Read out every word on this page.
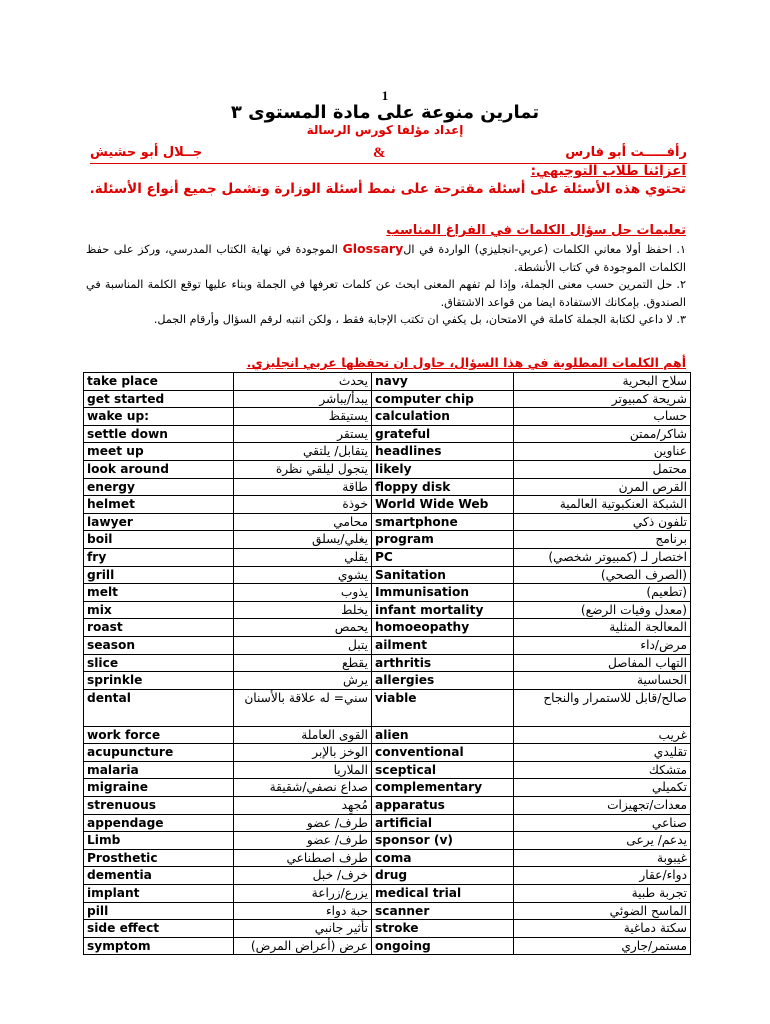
1
تمارين منوعة على مادة المستوى ٣
إعداد مؤلفا كورس الرسالة
رأفـــــت أبو فارس
&
جــلال أبو حشيش
اعزائنا طلاب التوجيهي:
تحتوي هذه الأسئلة على أسئلة مقترحة على نمط أسئلة الوزارة وتشمل جميع أنواع الأسئلة.
تعليمات حل سؤال الكلمات في الفراغ المناسب

١. احفظ أولا معاني الكلمات (عربي-انجليزي) الواردة في الGlossary الموجودة في نهاية الكتاب المدرسي، وركز على حفظ الكلمات الموجودة في كتاب الأنشطة.

٢. حل التمرين حسب معنى الجملة، وإذا لم تفهم المعنى ابحث عن كلمات تعرفها في الجملة وبناء عليها توقع الكلمة المناسبة في الصندوق. بإمكانك الاستفادة ايضا من قواعد الاشتقاق.

٣. لا داعي لكتابة الجملة كاملة في الامتحان، بل يكفي ان تكتب الإجابة فقط ، ولكن انتبه لرقم السؤال وأرقام الجمل.

أهم الكلمات المطلوبة في هذا السؤال، حاول ان تحفظها عربي انجليزي.
take place	يحدث	navy	سلاح البحرية
get started	يبدأ/يباشر	computer chip	شريحة كمبيوتر
wake up:	يستيقظ	calculation	حساب
settle down	يستقر	grateful	شاكر/ممتن
meet up	يتقابل/ يلتقي	headlines	عناوين
look around	يتجول ليلقي نظرة	likely	محتمل
energy	طاقة	floppy disk	القرص المرن
helmet	خوذة	World Wide Web	الشبكة العنكبوتية العالمية
lawyer	محامي	smartphone	تلفون ذكي
boil	يغلي/يسلق	program	برنامج
fry	يقلي	PC	اختصار لـ (كمبيوتر شخصي)
grill	يشوي	Sanitation	(الصرف الصحي)
melt	يذوب	Immunisation	(تطعيم)
mix	يخلط	infant mortality	(معدل وفيات الرضع)
roast	يحمص	homoeopathy	المعالجة المثلية
season	يتبل	ailment	مرض/داء
slice	يقطع	arthritis	التهاب المفاصل
sprinkle	يرش	allergies	الحساسية
dental	سني= له علاقة بالأسنان	viable	صالح/قابل للاستمرار والنجاح
work force	القوى العاملة	alien	غريب
acupuncture	الوخز بالإبر	conventional	تقليدي
malaria	الملاريا	sceptical	متشكك
migraine	صداع نصفي/شقيقة	complementary	تكميلي
strenuous	مُجهِد	apparatus	معدات/تجهيزات
appendage	طرف/ عضو	artificial	صناعي
Limb	طرف/ عضو	sponsor (v)	يدعم/ يرعى
Prosthetic	طرف اصطناعي	coma	غيبوبة
dementia	خرف/ خبل	drug	دواء/عقار
implant	يزرع/زراعة	medical trial	تجربة طبية
pill	حبة دواء	scanner	الماسح الضوئي
side effect	تأثير جانبي	stroke	سكتة دماغية
symptom	عرض (أعراض المرض)	ongoing	مستمر/جاري
